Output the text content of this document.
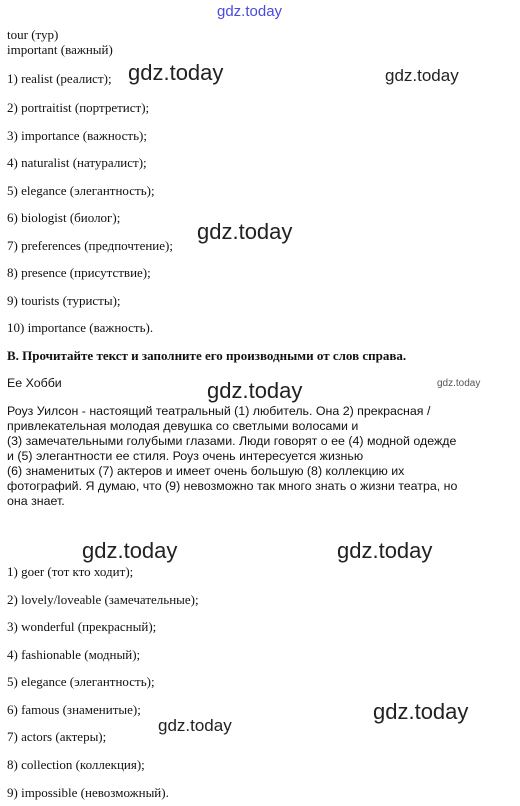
gdz.today
gdz.today	gdz.today
gdz.today
gdz.today	gdz.today
gdz.today	gdz.today
gdz.today
gdz.today
tour (тур)
important (важный)
1) realist (реалист);
2) portraitist (портретист);
3) importance (важность);
4) naturalist (натуралист);
5) elegance (элегантность);
6) biologist (биолог);
7) preferences (предпочтение);
8) presence (присутствие);
9) tourists (туристы);
10) importance (важность).
B. Прочитайте текст и заполните его производными от слов справа.
Ее Хобби
Роуз Уилсон - настоящий театральный (1) любитель. Она 2) прекрасная /
привлекательная молодая девушка со светлыми волосами и
(3) замечательными голубыми глазами. Люди говорят о ее (4) модной одежде
и (5) элегантности ее стиля. Роуз очень интересуется жизнью
(6) знаменитых (7) актеров и имеет очень большую (8) коллекцию их
фотографий. Я думаю, что (9) невозможно так много знать о жизни театра, но
она знает.
1) goer (тот кто ходит);
2) lovely/loveable (замечательные);
3) wonderful (прекрасный);
4) fashionable (модный);
5) elegance (элегантность);
6) famous (знаменитые);
7) actors (актеры);
8) collection (коллекция);
9) impossible (невозможный).
